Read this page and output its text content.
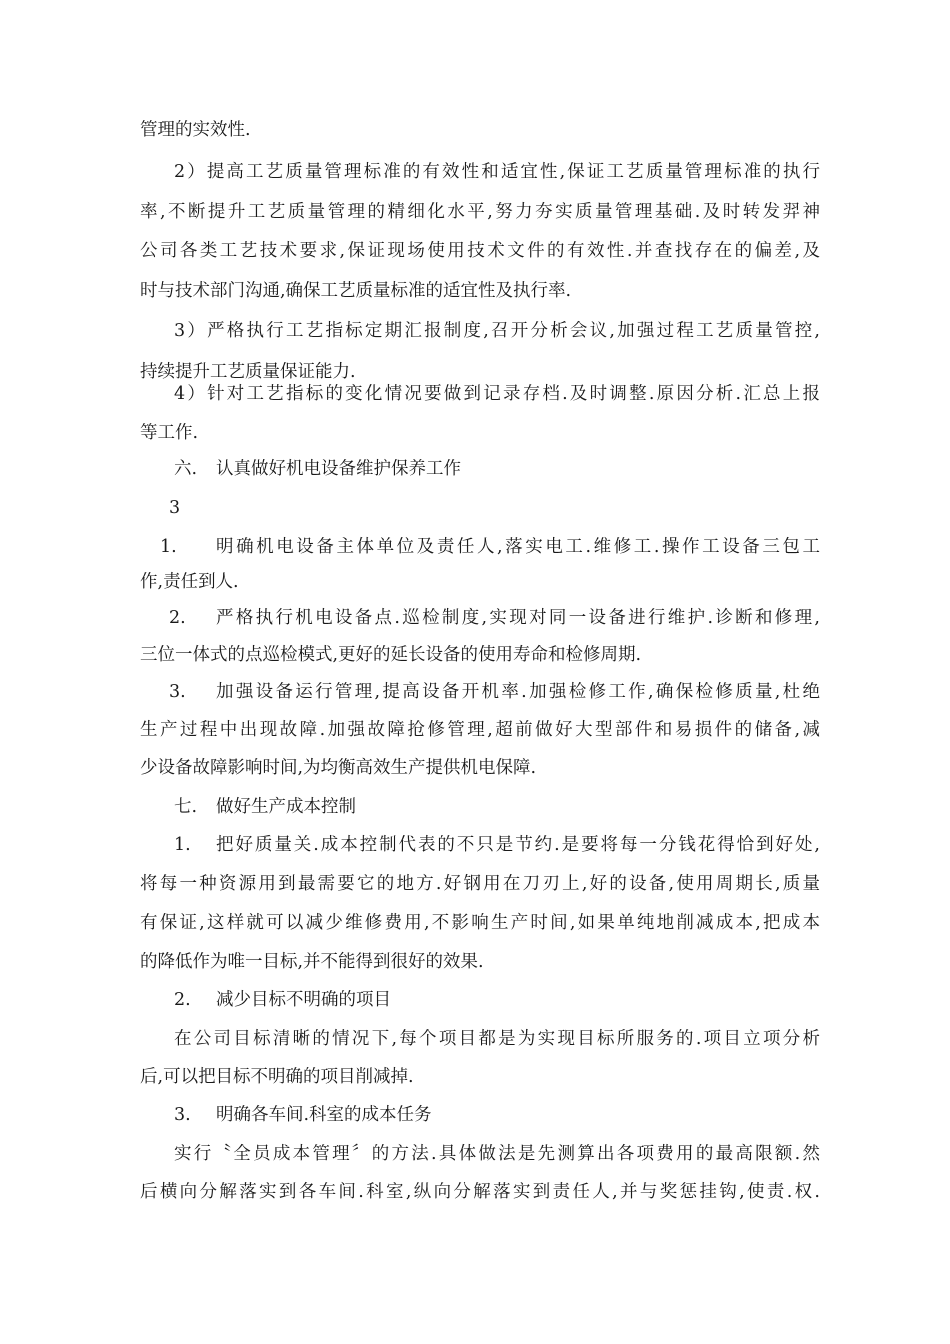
管理的实效性.
2）提高工艺质量管理标准的有效性和适宜性,保证工艺质量管理标准的执行
率,不断提升工艺质量管理的精细化水平,努力夯实质量管理基础.及时转发羿神
公司各类工艺技术要求,保证现场使用技术文件的有效性.并查找存在的偏差,及
时与技术部门沟通,确保工艺质量标准的适宜性及执行率.
3）严格执行工艺指标定期汇报制度,召开分析会议,加强过程工艺质量管控,
持续提升工艺质量保证能力.
4）针对工艺指标的变化情况要做到记录存档.及时调整.原因分析.汇总上报
等工作.
六. 认真做好机电设备维护保养工作
3
1. 明确机电设备主体单位及责任人,落实电工.维修工.操作工设备三包工
作,责任到人.
2. 严格执行机电设备点.巡检制度,实现对同一设备进行维护.诊断和修理,
三位一体式的点巡检模式,更好的延长设备的使用寿命和检修周期.
3. 加强设备运行管理,提高设备开机率.加强检修工作,确保检修质量,杜绝
生产过程中出现故障.加强故障抢修管理,超前做好大型部件和易损件的储备,减
少设备故障影响时间,为均衡高效生产提供机电保障.
七. 做好生产成本控制
1. 把好质量关.成本控制代表的不只是节约.是要将每一分钱花得恰到好处,
将每一种资源用到最需要它的地方.好钢用在刀刃上,好的设备,使用周期长,质量
有保证,这样就可以减少维修费用,不影响生产时间,如果单纯地削减成本,把成本
的降低作为唯一目标,并不能得到很好的效果.
2. 减少目标不明确的项目
在公司目标清晰的情况下,每个项目都是为实现目标所服务的.项目立项分析
后,可以把目标不明确的项目削减掉.
3. 明确各车间.科室的成本任务
实行〝全员成本管理〞的方法.具体做法是先测算出各项费用的最高限额.然
后横向分解落实到各车间.科室,纵向分解落实到责任人,并与奖惩挂钩,使责.权.
